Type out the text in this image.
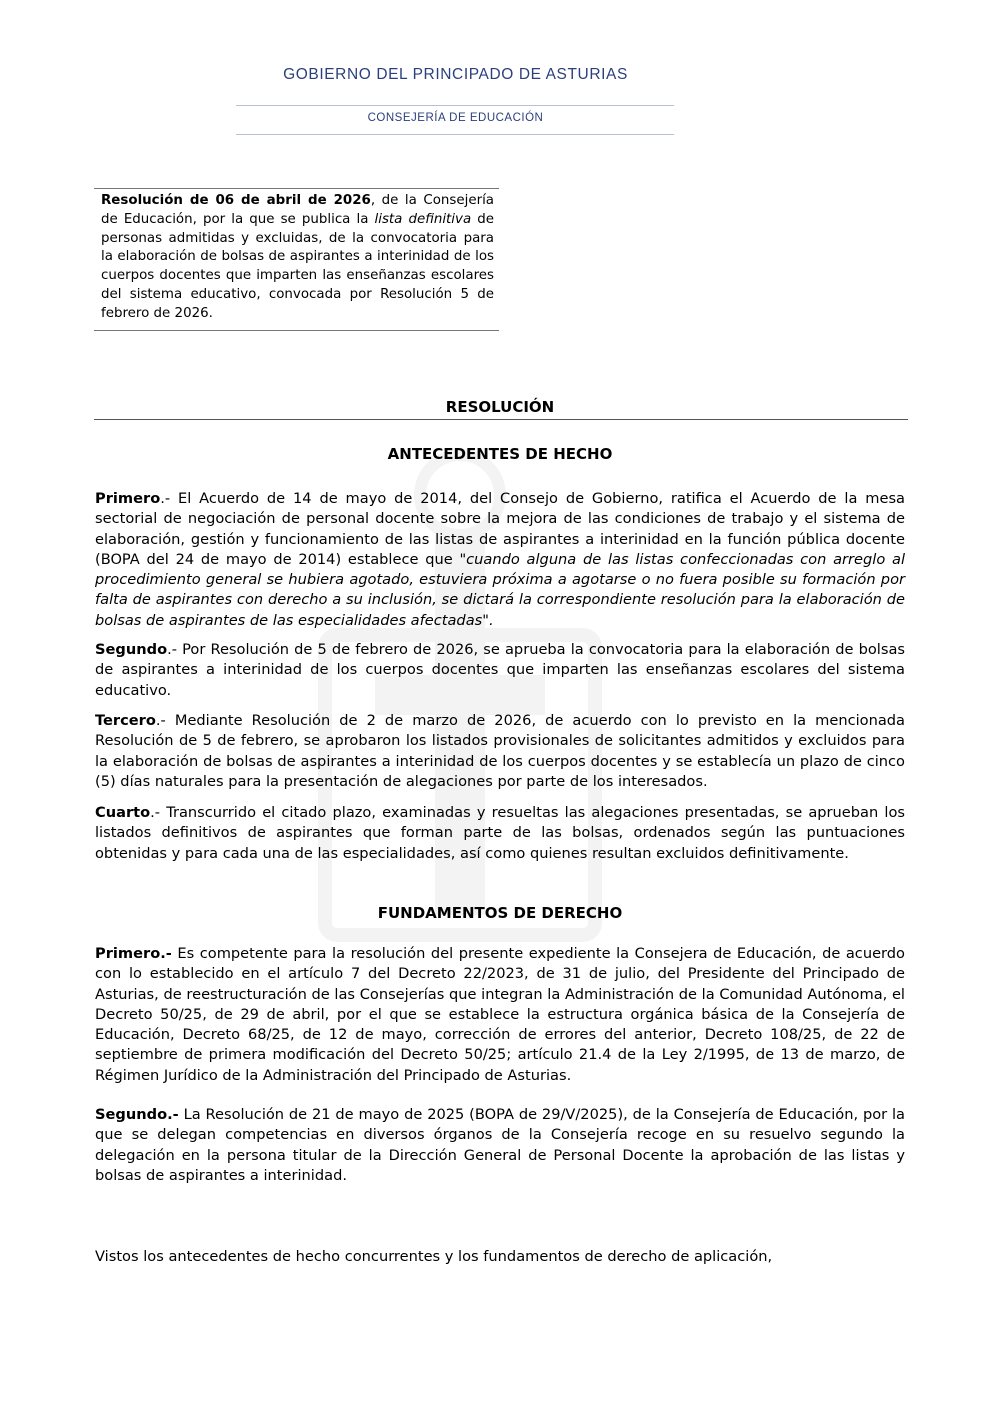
GOBIERNO DEL PRINCIPADO DE ASTURIAS
CONSEJERÍA DE EDUCACIÓN
Resolución de 06 de abril de 2026, de la Consejería de Educación, por la que se publica la lista definitiva de personas admitidas y excluidas, de la convocatoria para la elaboración de bolsas de aspirantes a interinidad de los cuerpos docentes que imparten las enseñanzas escolares del sistema educativo, convocada por Resolución 5 de febrero de 2026.
RESOLUCIÓN
ANTECEDENTES DE HECHO
Primero.- El Acuerdo de 14 de mayo de 2014, del Consejo de Gobierno, ratifica el Acuerdo de la mesa sectorial de negociación de personal docente sobre la mejora de las condiciones de trabajo y el sistema de elaboración, gestión y funcionamiento de las listas de aspirantes a interinidad en la función pública docente (BOPA del 24 de mayo de 2014) establece que "cuando alguna de las listas confeccionadas con arreglo al procedimiento general se hubiera agotado, estuviera próxima a agotarse o no fuera posible su formación por falta de aspirantes con derecho a su inclusión, se dictará la correspondiente resolución para la elaboración de bolsas de aspirantes de las especialidades afectadas".
Segundo.- Por Resolución de 5 de febrero de 2026, se aprueba la convocatoria para la elaboración de bolsas de aspirantes a interinidad de los cuerpos docentes que imparten las enseñanzas escolares del sistema educativo.
Tercero.- Mediante Resolución de 2 de marzo de 2026, de acuerdo con lo previsto en la mencionada Resolución de 5 de febrero, se aprobaron los listados provisionales de solicitantes admitidos y excluidos para la elaboración de bolsas de aspirantes a interinidad de los cuerpos docentes y se establecía un plazo de cinco (5) días naturales para la presentación de alegaciones por parte de los interesados.
Cuarto.- Transcurrido el citado plazo, examinadas y resueltas las alegaciones presentadas, se aprueban los listados definitivos de aspirantes que forman parte de las bolsas, ordenados según las puntuaciones obtenidas y para cada una de las especialidades, así como quienes resultan excluidos definitivamente.
FUNDAMENTOS DE DERECHO
Primero.- Es competente para la resolución del presente expediente la Consejera de Educación, de acuerdo con lo establecido en el artículo 7 del Decreto 22/2023, de 31 de julio, del Presidente del Principado de Asturias, de reestructuración de las Consejerías que integran la Administración de la Comunidad Autónoma, el Decreto 50/25, de 29 de abril, por el que se establece la estructura orgánica básica de la Consejería de Educación, Decreto 68/25, de 12 de mayo, corrección de errores del anterior, Decreto 108/25, de 22 de septiembre de primera modificación del Decreto 50/25; artículo 21.4 de la Ley 2/1995, de 13 de marzo, de Régimen Jurídico de la Administración del Principado de Asturias.
Segundo.- La Resolución de 21 de mayo de 2025 (BOPA de 29/V/2025), de la Consejería de Educación, por la que se delegan competencias en diversos órganos de la Consejería recoge en su resuelvo segundo la delegación en la persona titular de la Dirección General de Personal Docente la aprobación de las listas y bolsas de aspirantes a interinidad.
Vistos los antecedentes de hecho concurrentes y los fundamentos de derecho de aplicación,
